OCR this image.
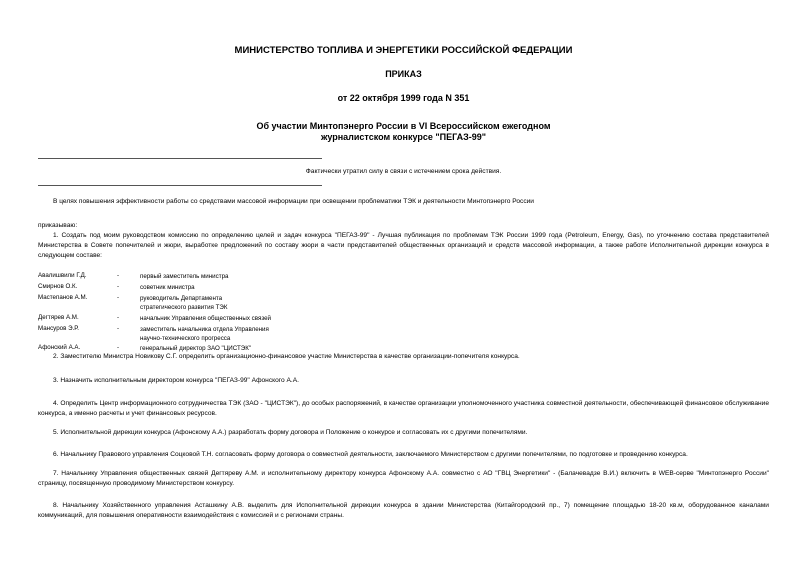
МИНИСТЕРСТВО ТОПЛИВА И ЭНЕРГЕТИКИ РОССИЙСКОЙ ФЕДЕРАЦИИ
ПРИКАЗ
от 22 октября 1999 года N 351
Об участии Минтопэнерго России в VI Всероссийском ежегодном
журналистском конкурсе "ПЕГАЗ-99"
Фактически утратил силу в связи с истечением срока действия.
В целях повышения эффективности работы со средствами массовой информации при освещении проблематики ТЭК и деятельности Минтопэнерго России
приказываю:
1. Создать под моим руководством комиссию по определению целей и задач конкурса "ПЕГАЗ-99" - Лучшая публикация по проблемам ТЭК России 1999 года (Petroleum, Energy, Gas), по уточнению состава представителей Министерства в Совете попечителей и жюри, выработке предложений по составу жюри в части представителей общественных организаций и средств массовой информации, а также работе Исполнительной дирекции конкурса в следующем составе:
Авалишвили Г.Д.	-	первый заместитель министра
Смирнов О.К.	-	советник министра
Мастепанов А.М.	-	руководитель Департамента
стратегического развития ТЭК
Дегтярев А.М.	-	начальник Управления общественных связей
Мансуров Э.Р.	-	заместитель начальника отдела Управления
научно-технического прогресса
Афонский А.А.	-	генеральный директор ЗАО "ЦИСТЭК"
2. Заместителю Министра Новикову С.Г. определить организационно-финансовое участие Министерства в качестве организации-попечителя конкурса.
3. Назначить исполнительным директором конкурса "ПЕГАЗ-99" Афонского А.А.
4. Определить Центр информационного сотрудничества ТЭК (ЗАО - "ЦИСТЭК"), до особых распоряжений, в качестве организации уполномоченного участника совместной деятельности, обеспечивающей финансовое обслуживание конкурса, а именно расчеты и учет финансовых ресурсов.
5. Исполнительной дирекции конкурса (Афонскому А.А.) разработать форму договора и Положение о конкурсе и согласовать их с другими попечителями.
6. Начальнику Правового управления Соцковой Т.Н. согласовать форму договора о совместной деятельности, заключаемого Министерством с другими попечителями, по подготовке и проведению конкурса.
7. Начальнику Управления общественных связей Дегтяреву А.М. и исполнительному директору конкурса Афонскому А.А. совместно с АО "ГВЦ Энергетики" - (Балачевадзе В.И.) включить в WEB-серве "Минтопэнерго России" страницу, посвященную проводимому Министерством конкурсу.
8. Начальнику Хозяйственного управления Асташкину А.В. выделить для Исполнительной дирекции конкурса в здании Министерства (Китайгородский пр., 7) помещение площадью 18-20 кв.м, оборудованное каналами коммуникаций, для повышения оперативности взаимодействия с комиссией и с регионами страны.
